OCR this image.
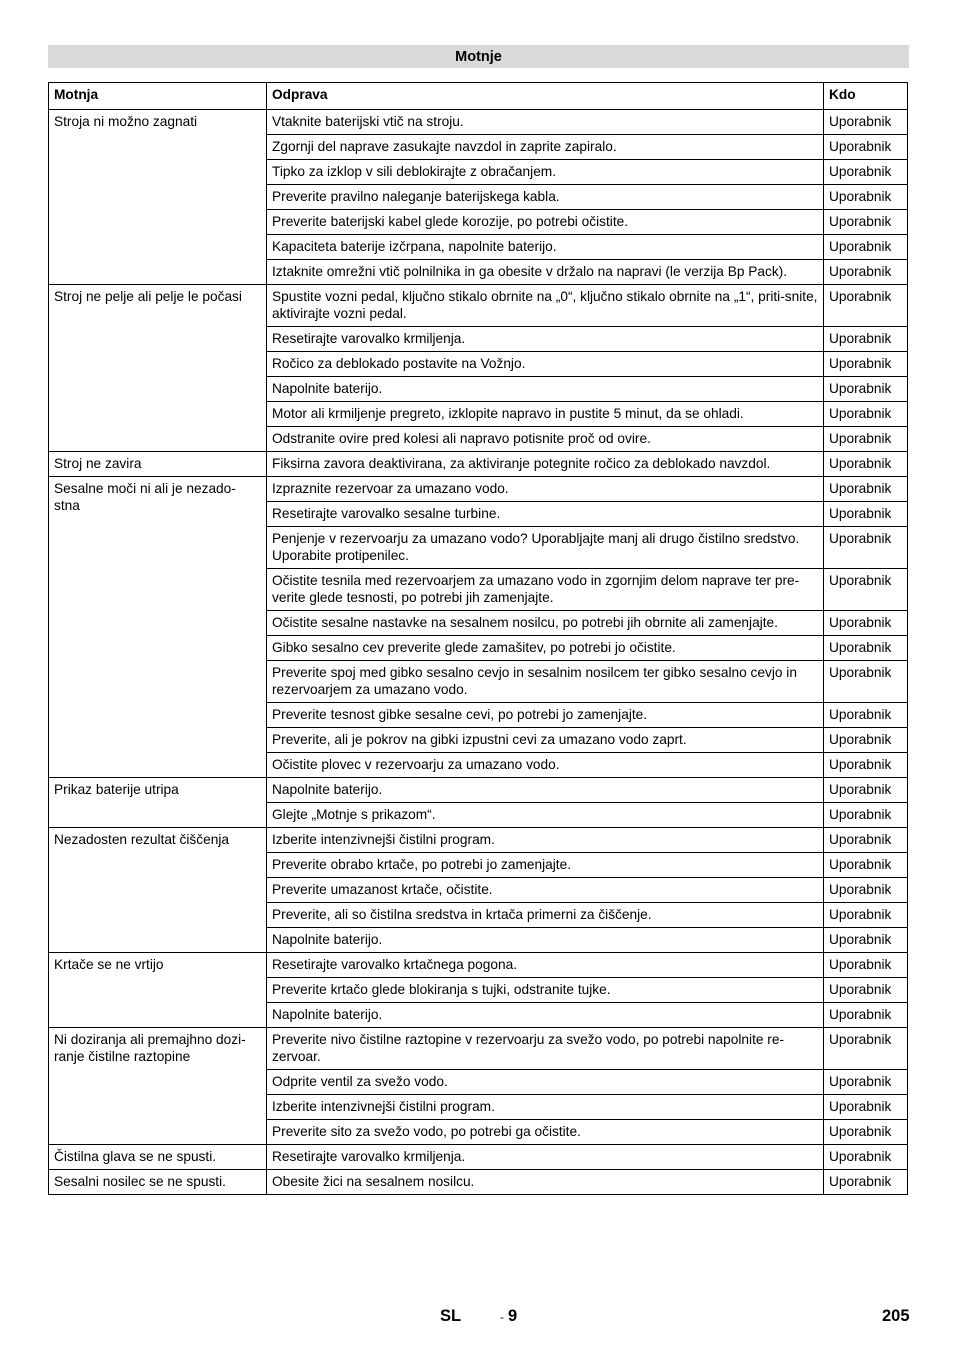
Motnje
Motnja	Odprava	Kdo

Stroja ni možno zagnati	Vtaknite baterijski vtič na stroju.	Uporabnik
	Zgornji del naprave zasukajte navzdol in zaprite zapiralo.	Uporabnik
	Tipko za izklop v sili deblokirajte z obračanjem.	Uporabnik
	Preverite pravilno naleganje baterijskega kabla.	Uporabnik
	Preverite baterijski kabel glede korozije, po potrebi očistite.	Uporabnik
	Kapaciteta baterije izčrpana, napolnite baterijo.	Uporabnik
	Iztaknite omrežni vtič polnilnika in ga obesite v držalo na napravi (le verzija Bp Pack).	Uporabnik
Stroj ne pelje ali pelje le počasi	Spustite vozni pedal, ključno stikalo obrnite na „0“, ključno stikalo obrnite na „1“, priti-snite, aktivirajte vozni pedal.	Uporabnik
	Resetirajte varovalko krmiljenja.	Uporabnik
	Ročico za deblokado postavite na Vožnjo.	Uporabnik
	Napolnite baterijo.	Uporabnik
	Motor ali krmiljenje pregreto, izklopite napravo in pustite 5 minut, da se ohladi.	Uporabnik
	Odstranite ovire pred kolesi ali napravo potisnite proč od ovire.	Uporabnik
Stroj ne zavira	Fiksirna zavora deaktivirana, za aktiviranje potegnite ročico za deblokado navzdol.	Uporabnik
Sesalne moči ni ali je nezado-stna	Izpraznite rezervoar za umazano vodo.	Uporabnik
	Resetirajte varovalko sesalne turbine.	Uporabnik
	Penjenje v rezervoarju za umazano vodo? Uporabljajte manj ali drugo čistilno sredstvo. Uporabite protipenilec.	Uporabnik
	Očistite tesnila med rezervoarjem za umazano vodo in zgornjim delom naprave ter pre-verite glede tesnosti, po potrebi jih zamenjajte.	Uporabnik
	Očistite sesalne nastavke na sesalnem nosilcu, po potrebi jih obrnite ali zamenjajte.	Uporabnik
	Gibko sesalno cev preverite glede zamašitev, po potrebi jo očistite.	Uporabnik
	Preverite spoj med gibko sesalno cevjo in sesalnim nosilcem ter gibko sesalno cevjo in rezervoarjem za umazano vodo.	Uporabnik
	Preverite tesnost gibke sesalne cevi, po potrebi jo zamenjajte.	Uporabnik
	Preverite, ali je pokrov na gibki izpustni cevi za umazano vodo zaprt.	Uporabnik
	Očistite plovec v rezervoarju za umazano vodo.	Uporabnik
Prikaz baterije utripa	Napolnite baterijo.	Uporabnik
	Glejte „Motnje s prikazom“.	Uporabnik
Nezadosten rezultat čiščenja	Izberite intenzivnejši čistilni program.	Uporabnik
	Preverite obrabo krtače, po potrebi jo zamenjajte.	Uporabnik
	Preverite umazanost krtače, očistite.	Uporabnik
	Preverite, ali so čistilna sredstva in krtača primerni za čiščenje.	Uporabnik
	Napolnite baterijo.	Uporabnik
Krtače se ne vrtijo	Resetirajte varovalko krtačnega pogona.	Uporabnik
	Preverite krtačo glede blokiranja s tujki, odstranite tujke.	Uporabnik
	Napolnite baterijo.	Uporabnik
Ni doziranja ali premajhno dozi-ranje čistilne raztopine	Preverite nivo čistilne raztopine v rezervoarju za svežo vodo, po potrebi napolnite re-zervoar.	Uporabnik
	Odprite ventil za svežo vodo.	Uporabnik
	Izberite intenzivnejši čistilni program.	Uporabnik
	Preverite sito za svežo vodo, po potrebi ga očistite.	Uporabnik
Čistilna glava se ne spusti.	Resetirajte varovalko krmiljenja.	Uporabnik
Sesalni nosilec se ne spusti.	Obesite žici na sesalnem nosilcu.	Uporabnik
SL	- 9	205
